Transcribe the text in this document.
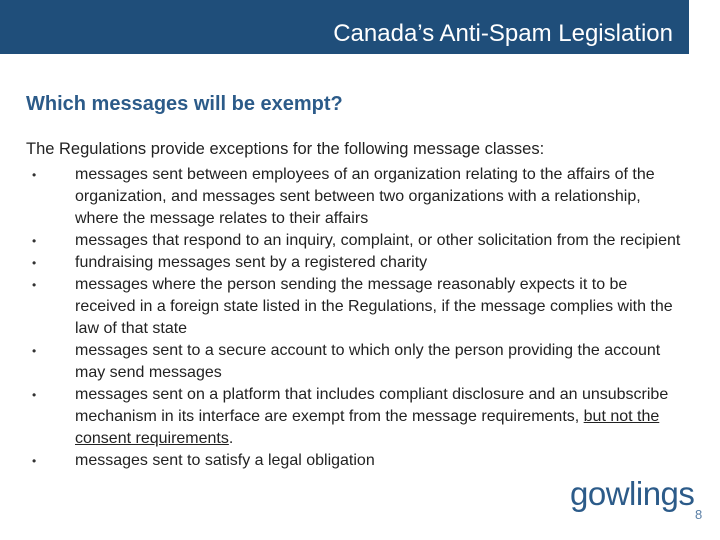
Canada’s Anti-Spam Legislation
Which messages will be exempt?

The Regulations provide exceptions for the following message classes:

• messages sent between employees of an organization relating to the affairs of the organization, and messages sent between two organizations with a relationship, where the message relates to their affairs
• messages that respond to an inquiry, complaint, or other solicitation from the recipient
• fundraising messages sent by a registered charity
• messages where the person sending the message reasonably expects it to be received in a foreign state listed in the Regulations, if the message complies with the law of that state
• messages sent to a secure account to which only the person providing the account may send messages
• messages sent on a platform that includes compliant disclosure and an unsubscribe mechanism in its interface are exempt from the message requirements, but not the consent requirements.
• messages sent to satisfy a legal obligation
gowlings
8
